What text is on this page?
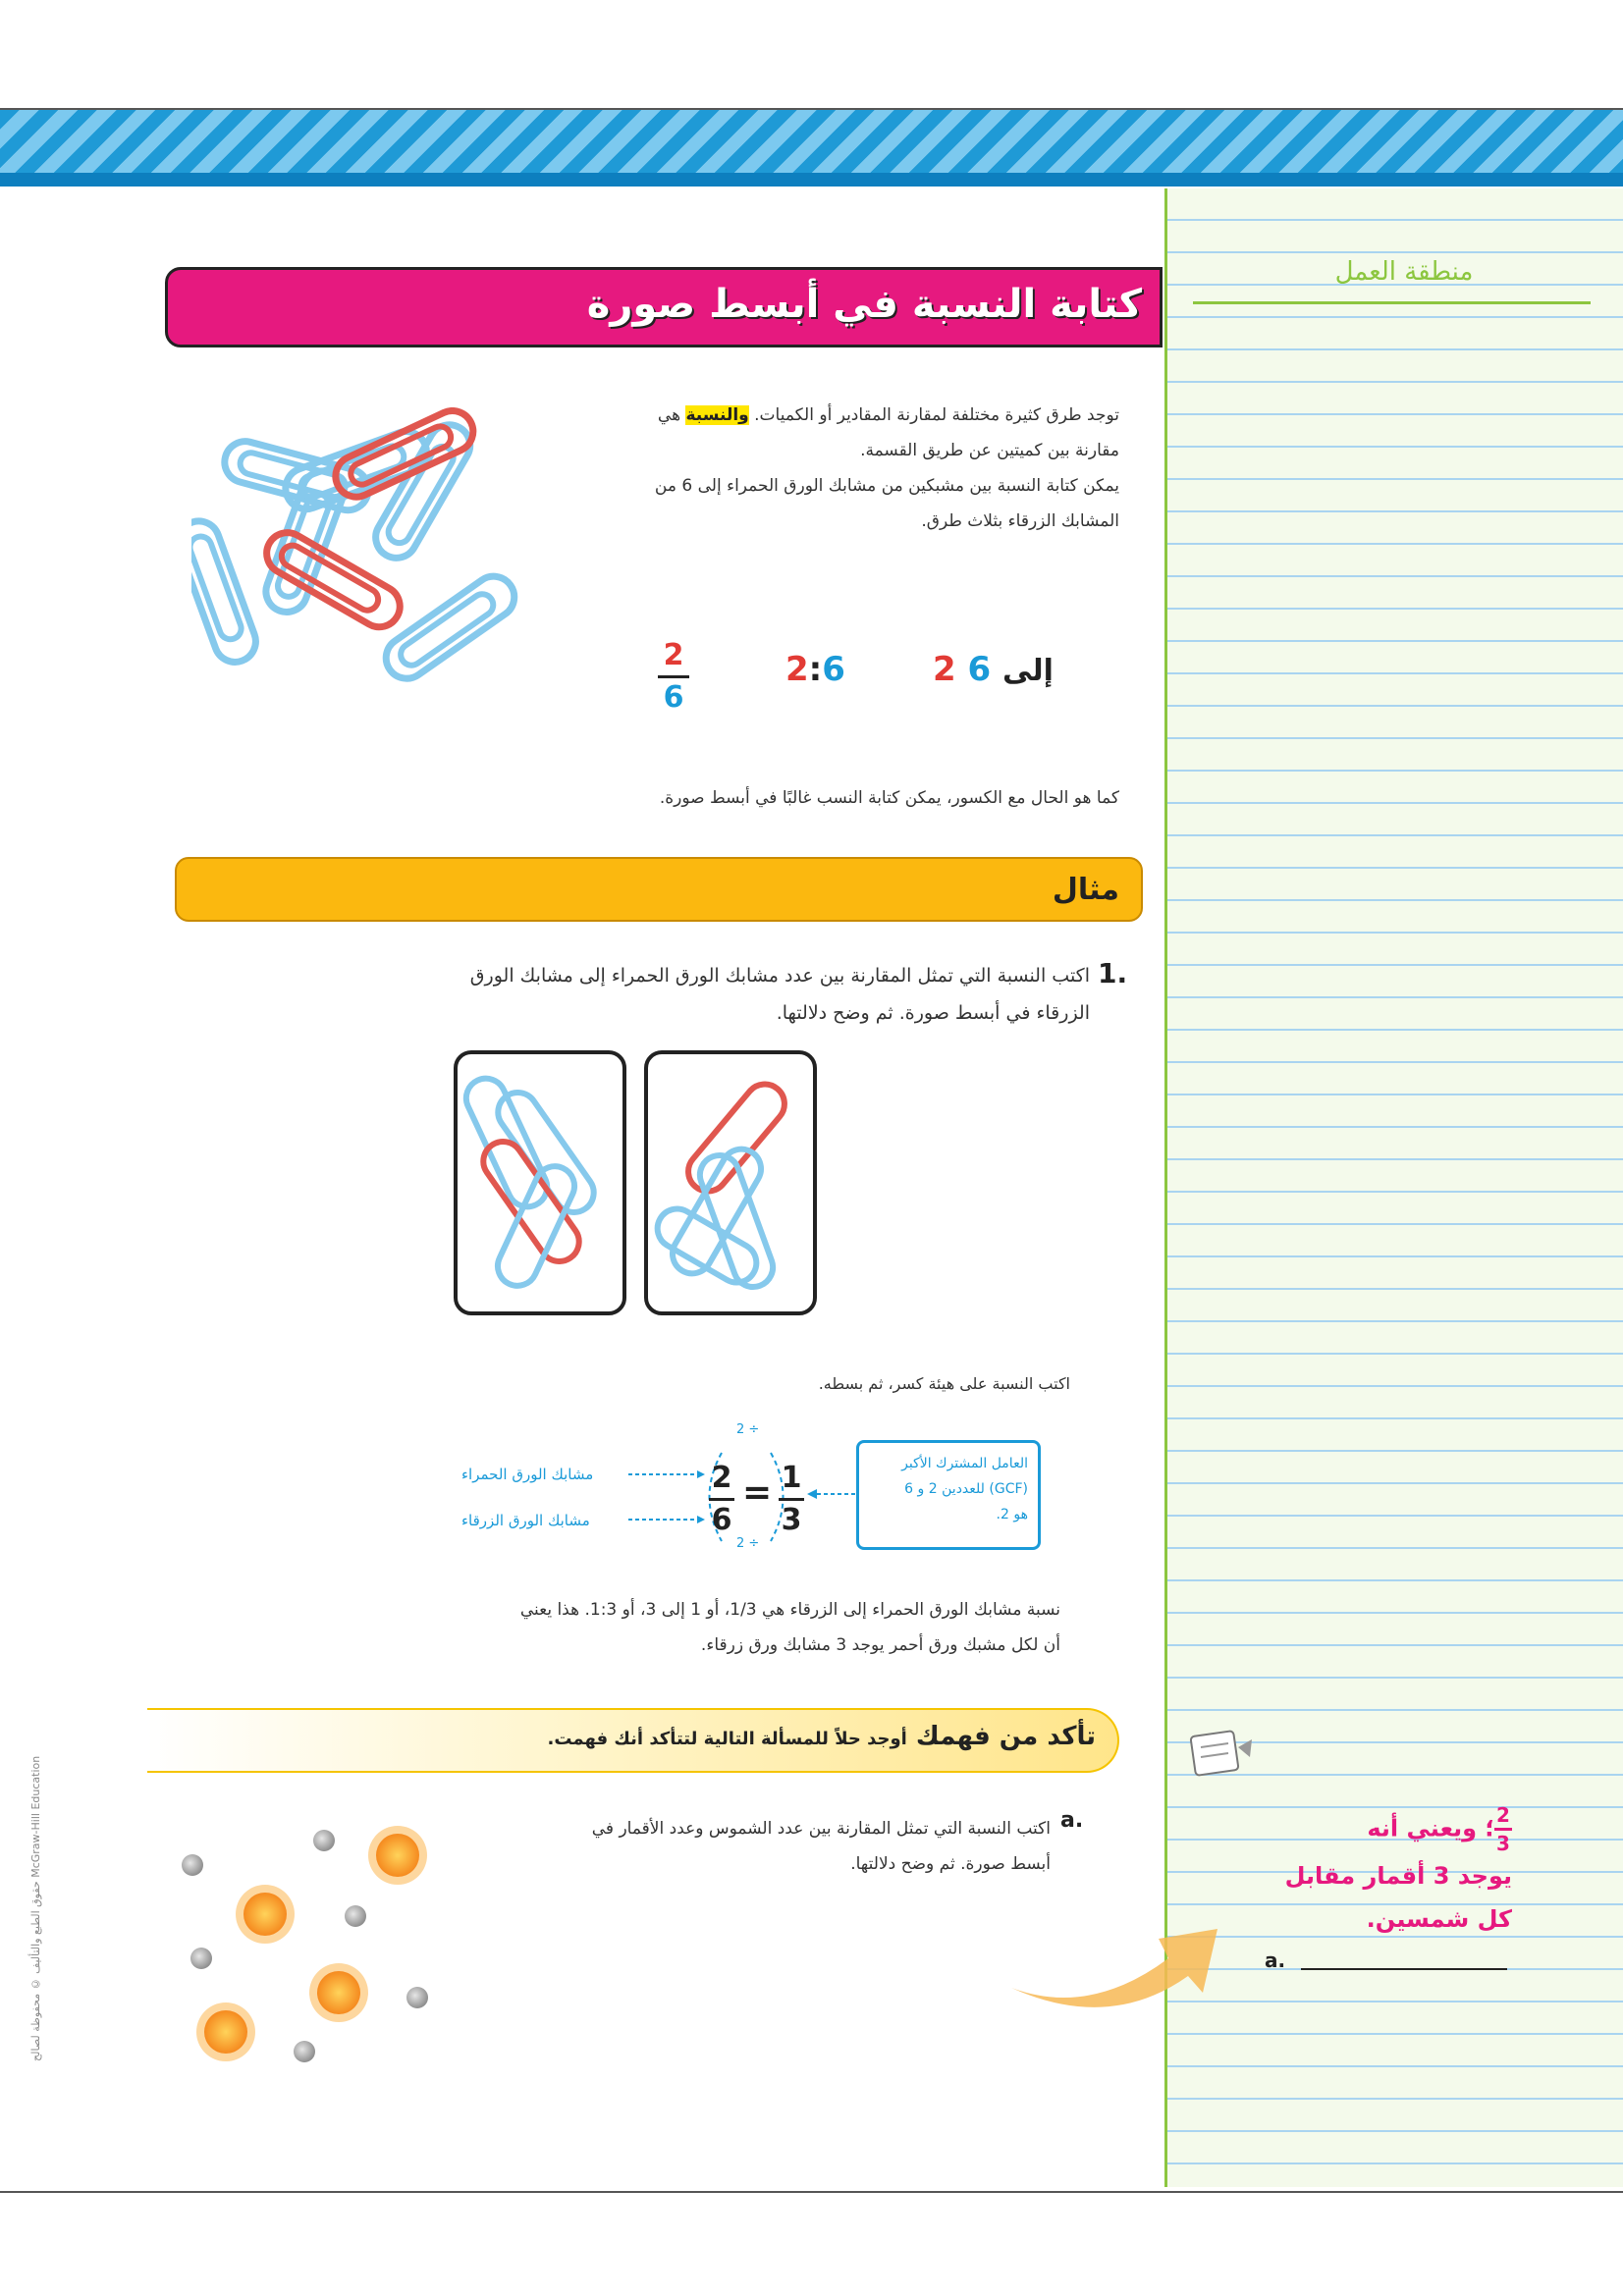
منطقة العمل
كتابة النسبة في أبسط صورة
توجد طرق كثيرة مختلفة لمقارنة المقادير أو الكميات. والنسبة هي
مقارنة بين كميتين عن طريق القسمة.
يمكن كتابة النسبة بين مشبكين من مشابك الورق الحمراء إلى 6 من
المشابك الزرقاء بثلاث طرق.
2 إلى 6
2:6
2
6
كما هو الحال مع الكسور، يمكن كتابة النسب غالبًا في أبسط صورة.
مثال
1.
اكتب النسبة التي تمثل المقارنة بين عدد مشابك الورق الحمراء إلى مشابك الورق
الزرقاء في أبسط صورة. ثم وضح دلالتها.
اكتب النسبة على هيئة كسر، ثم بسطه.
مشابك الورق الحمراء
مشابك الورق الزرقاء
÷ 2
÷ 2
2
6
= 1
3
العامل المشترك الأكبر
(GCF) للعددين 2 و 6
هو 2.
نسبة مشابك الورق الحمراء إلى الزرقاء هي 1/3، أو 1 إلى 3، أو 1:3. هذا يعني
أن لكل مشبك ورق أحمر يوجد 3 مشابك ورق زرقاء.
تأكد من فهمك أوجد حلاً للمسألة التالية لتتأكد أنك فهمت.
a.
اكتب النسبة التي تمثل المقارنة بين عدد الشموس وعدد الأقمار في
أبسط صورة. ثم وضح دلالتها.
$\frac{2}{3}$
؛ ويعني أنه
يوجد 3 أقمار مقابل
كل شمسين.
a.
حقوق الطبع والتأليف © محفوظة لصالح McGraw-Hill Education
